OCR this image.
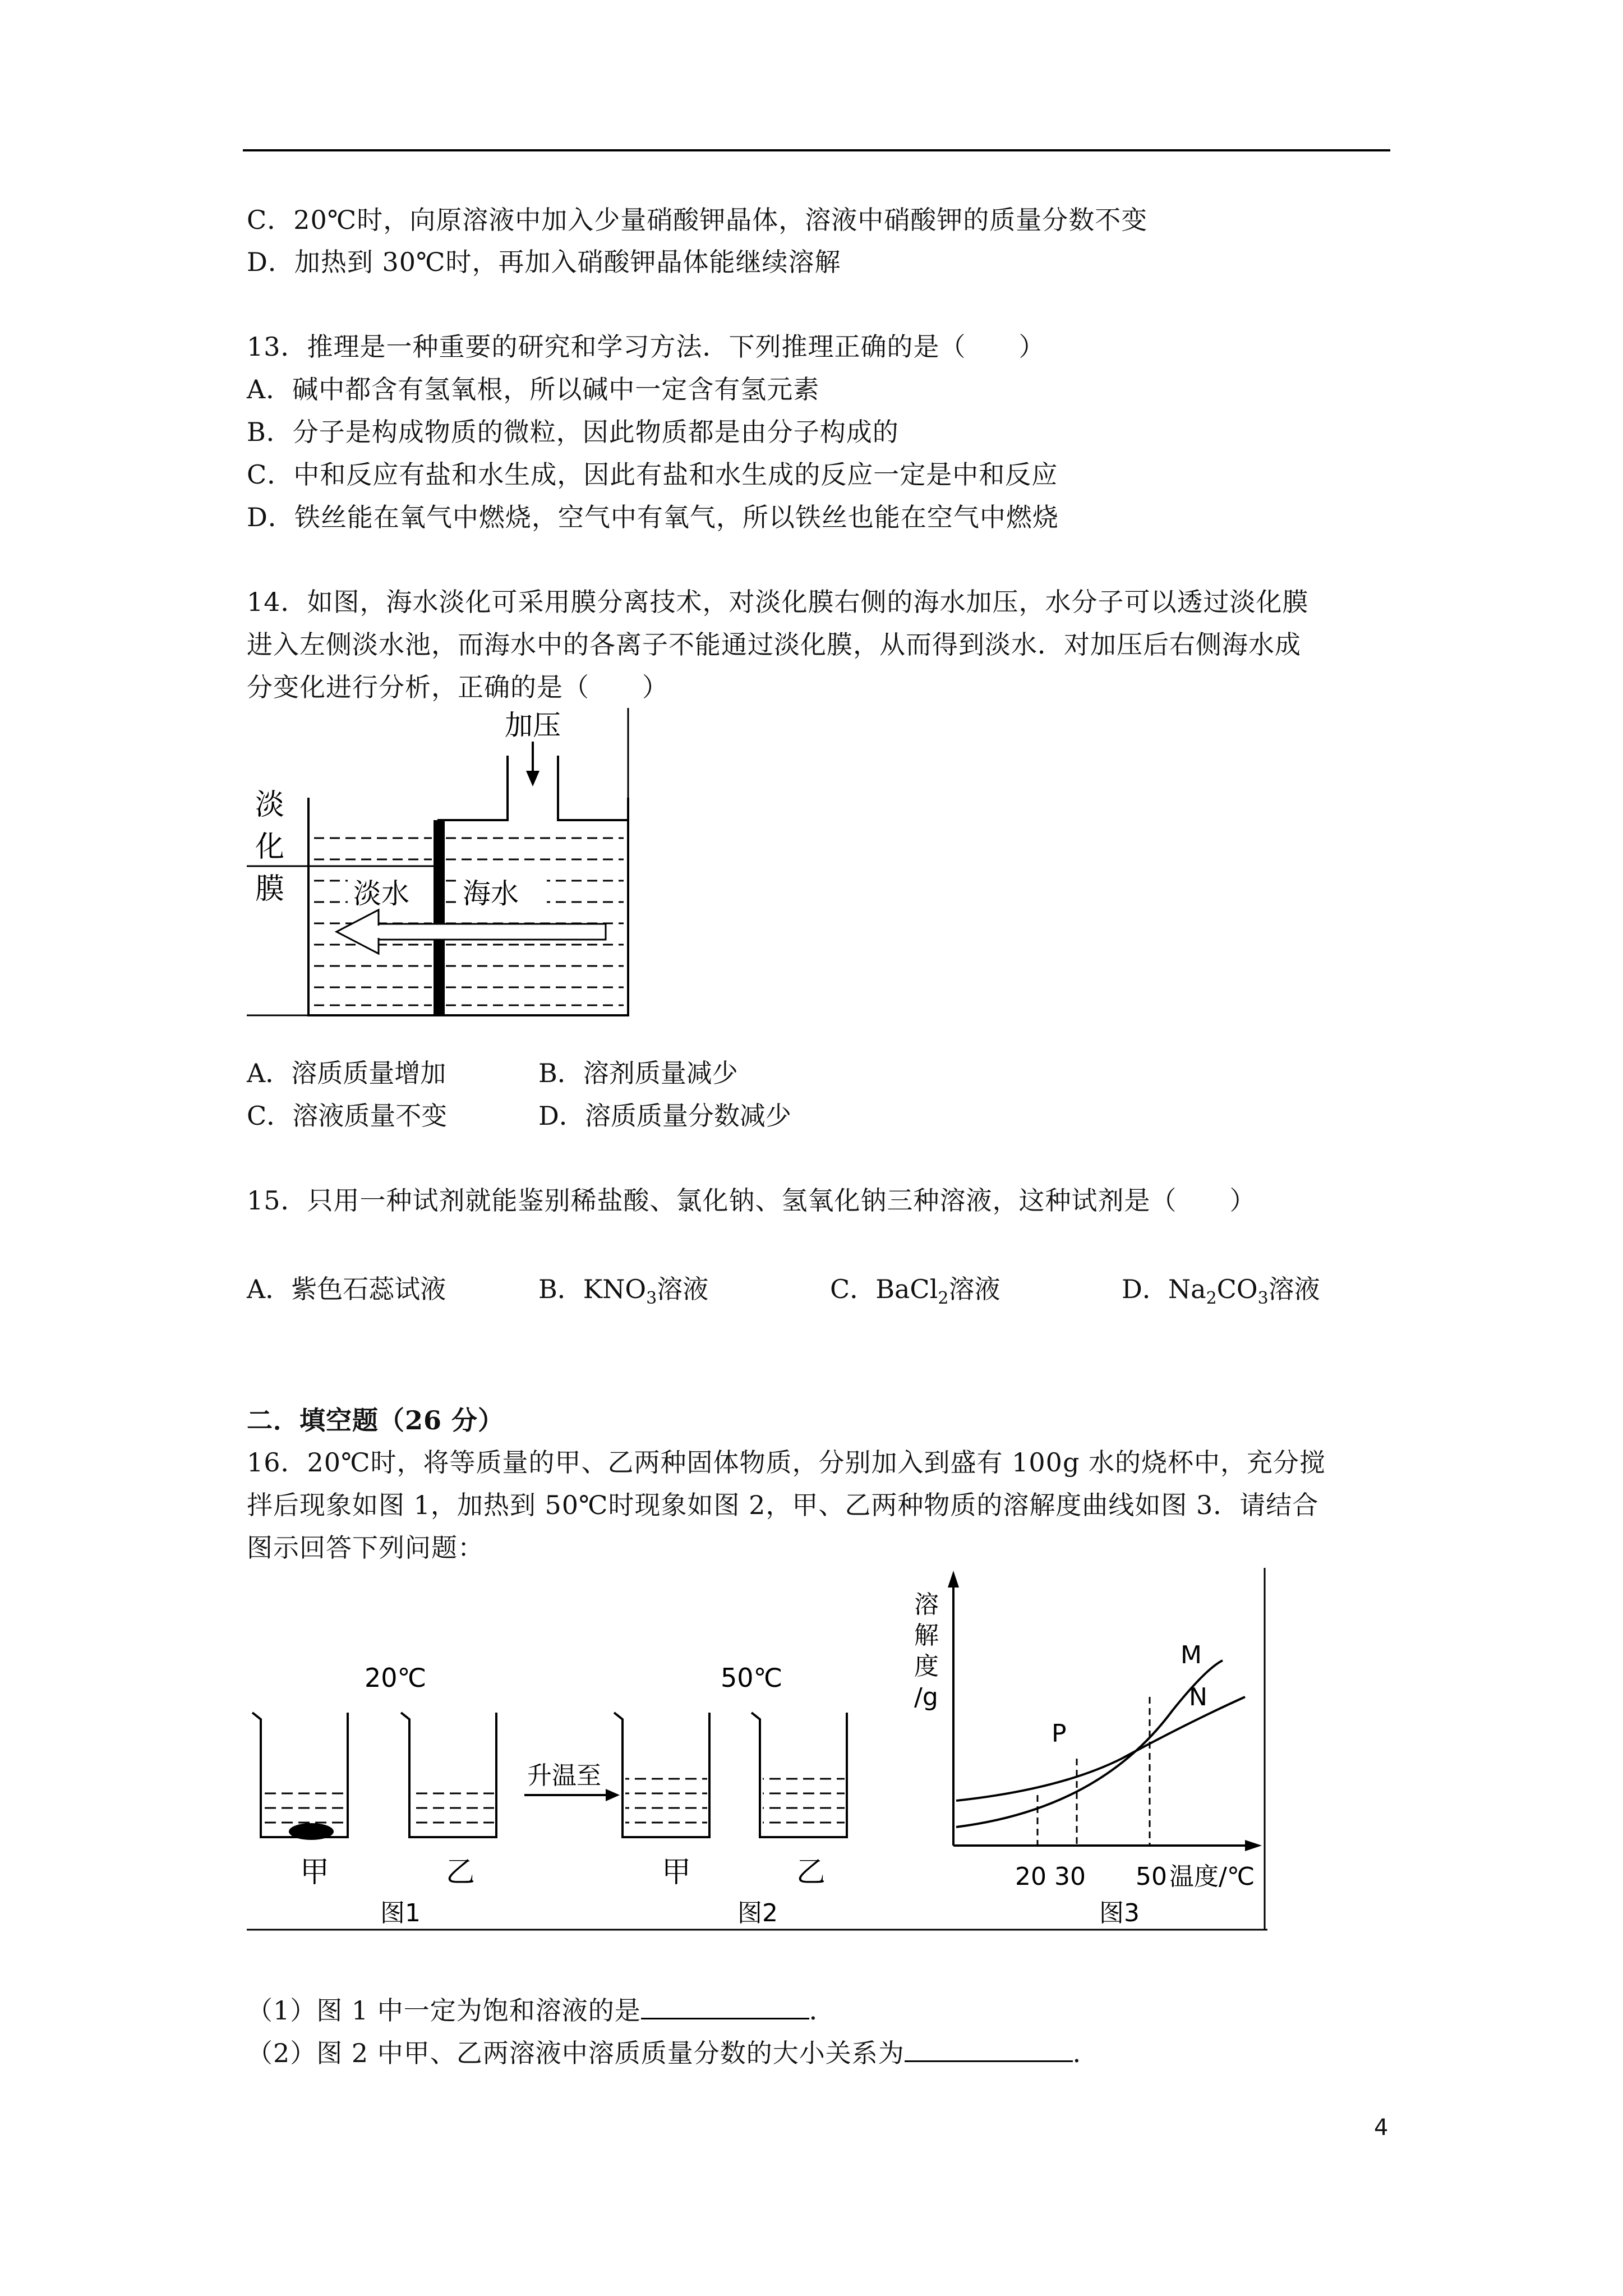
C．20℃时，向原溶液中加入少量硝酸钾晶体，溶液中硝酸钾的质量分数不变
D．加热到 30℃时，再加入硝酸钾晶体能继续溶解
13．推理是一种重要的研究和学习方法．下列推理正确的是（　　）
A．碱中都含有氢氧根，所以碱中一定含有氢元素
B．分子是构成物质的微粒，因此物质都是由分子构成的
C．中和反应有盐和水生成，因此有盐和水生成的反应一定是中和反应
D．铁丝能在氧气中燃烧，空气中有氧气，所以铁丝也能在空气中燃烧
14．如图，海水淡化可采用膜分离技术，对淡化膜右侧的海水加压，水分子可以透过淡化膜
进入左侧淡水池，而海水中的各离子不能通过淡化膜，从而得到淡水．对加压后右侧海水成
分变化进行分析，正确的是（　　）
淡
化
膜 淡水 海水
加压
A．溶质质量增加	B．溶剂质量减少
C．溶液质量不变	D．溶质质量分数减少
15．只用一种试剂就能鉴别稀盐酸、氯化钠、氢氧化钠三种溶液，这种试剂是（　　）
A．紫色石蕊试液	B．$KNO_3$溶液	C．BaCl$_2$溶液	D．$Na_2CO_3$溶液
二．填空题（26 分）
16．20℃时，将等质量的甲、乙两种固体物质，分别加入到盛有 100g 水的烧杯中，充分搅
拌后现象如图 1，加热到 50℃时现象如图 2，甲、乙两种物质的溶解度曲线如图 3．请结合
图示回答下列问题：
20℃
甲	乙
图1
升温至
50℃
甲	乙
图2
溶
解
度
/g
P
M
N
20 30 50 温度/℃
图3
（1）图 1 中一定为饱和溶液的是	．
（2）图 2 中甲、乙两溶液中溶质质量分数的大小关系为	．
4
